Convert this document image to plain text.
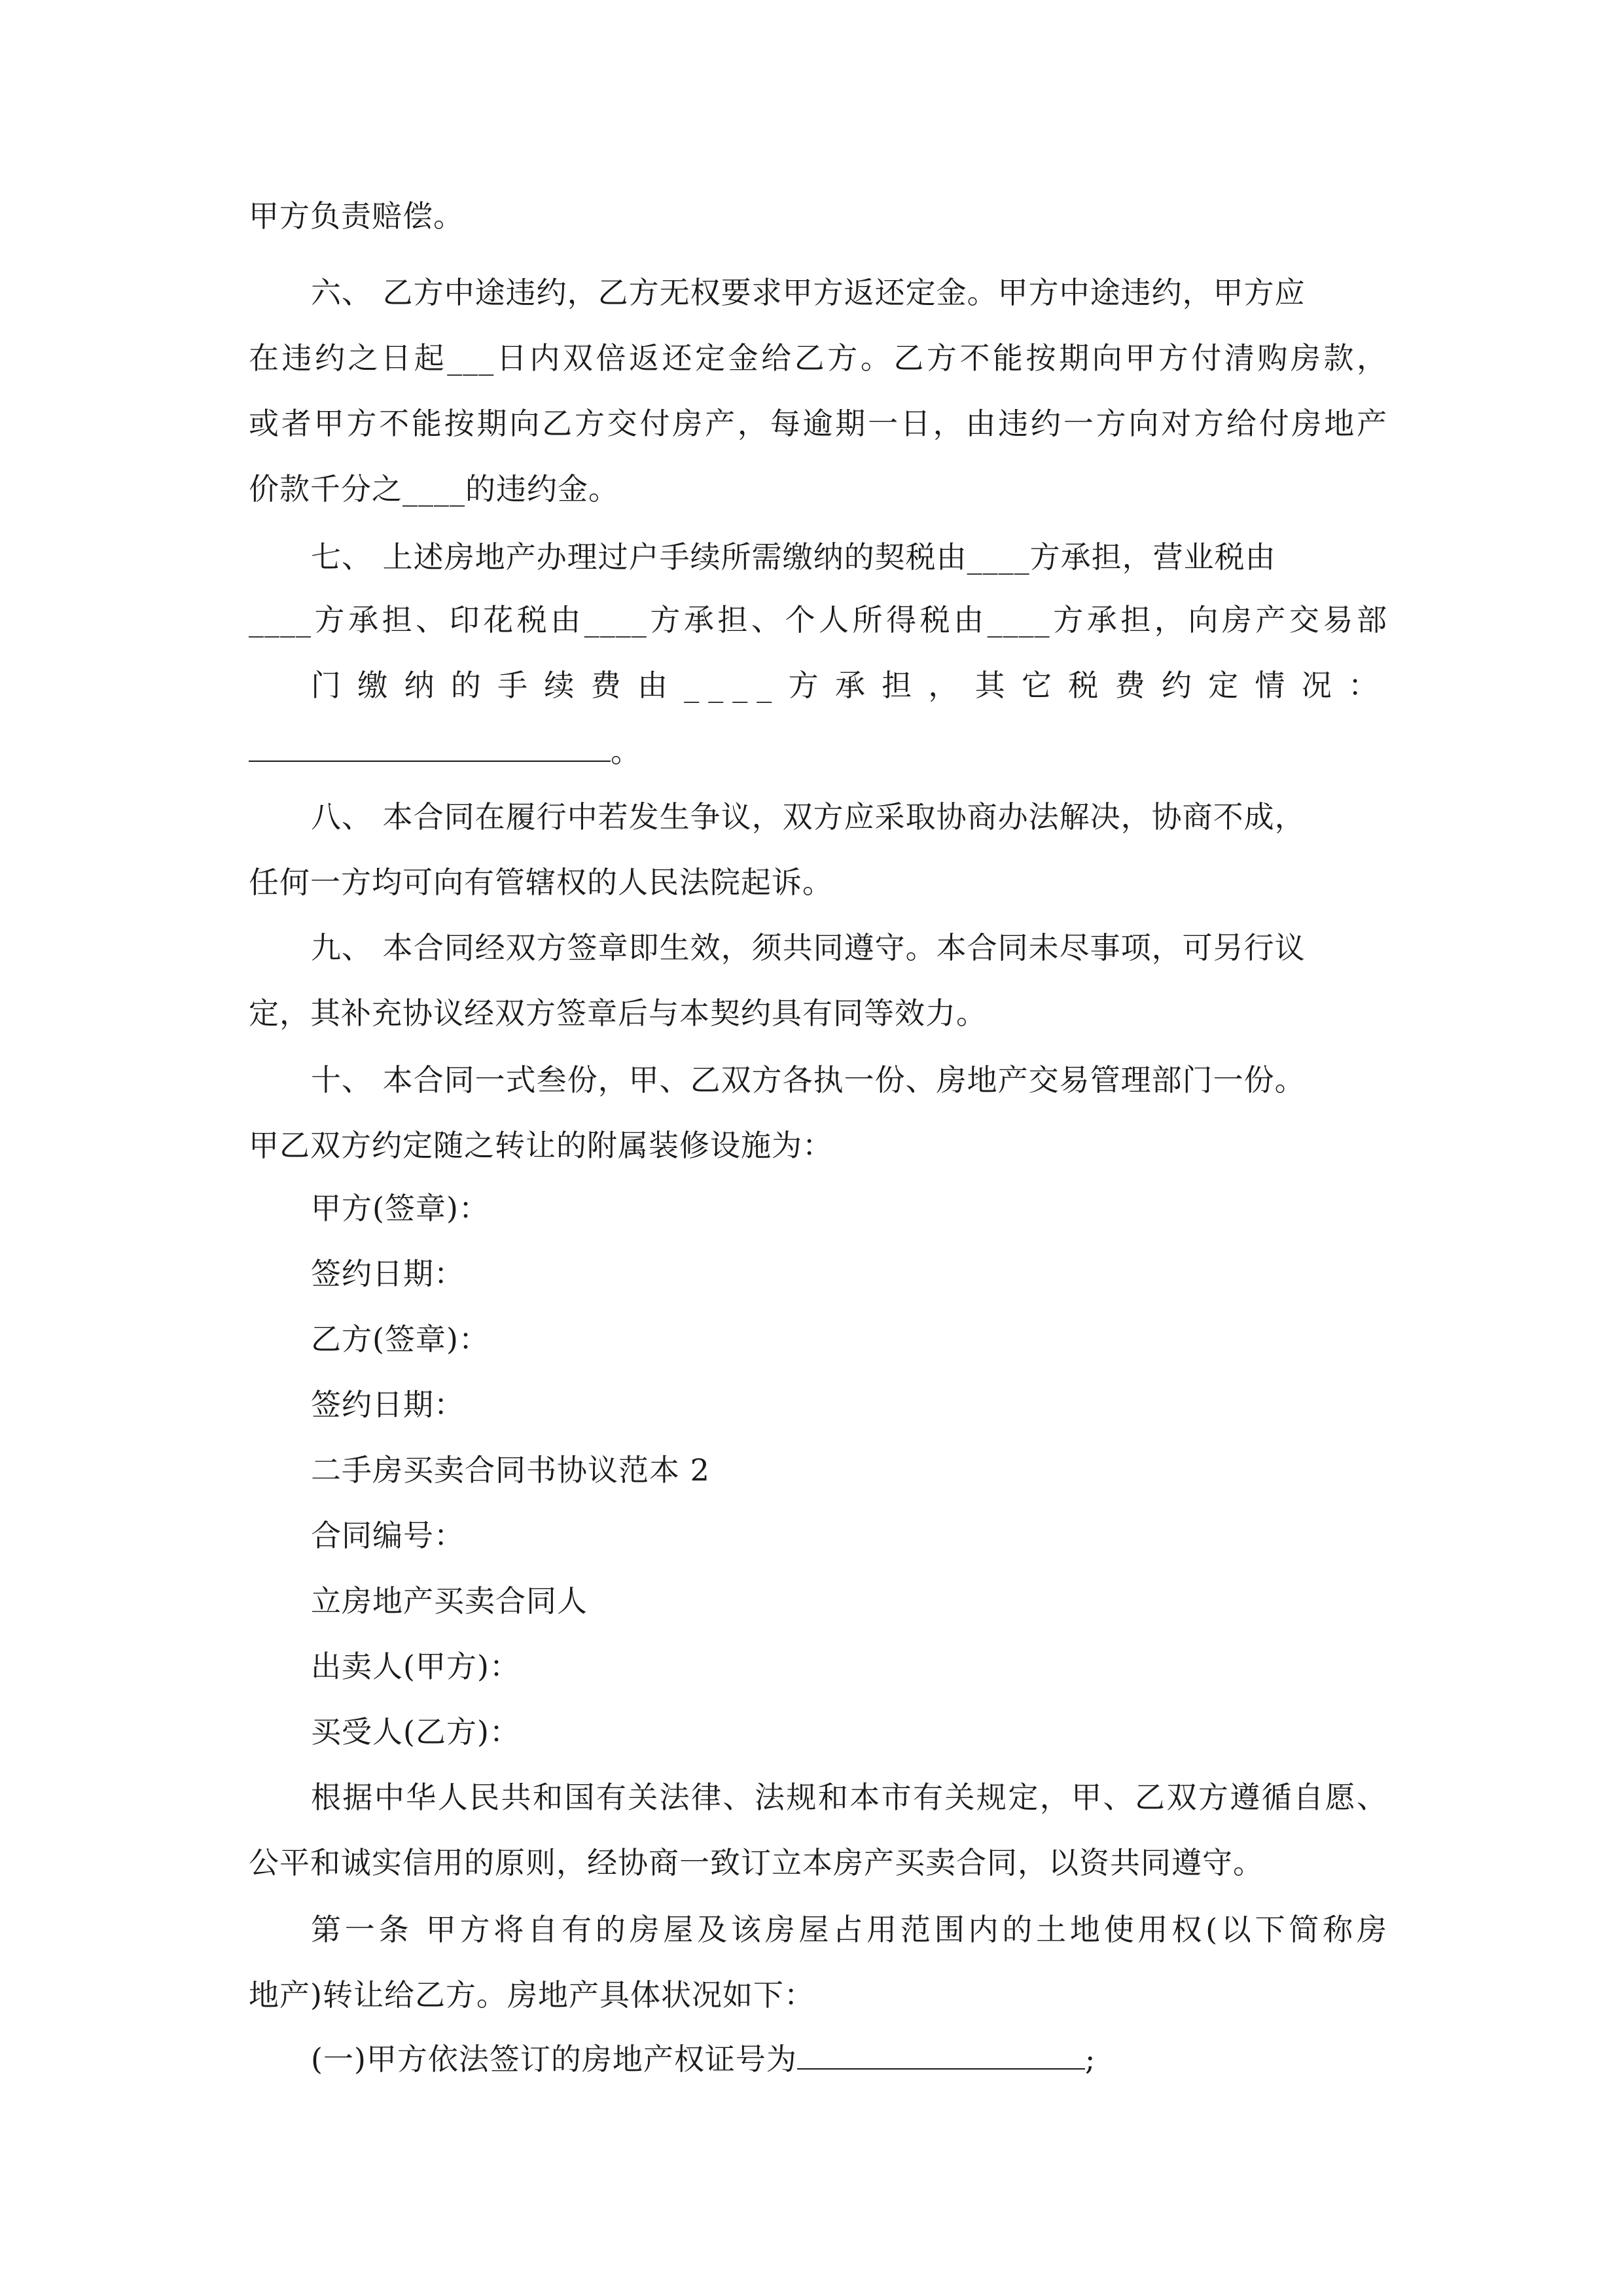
甲方负责赔偿。
六、 乙方中途违约，乙方无权要求甲方返还定金。甲方中途违约，甲方应
在违约之日起___日内双倍返还定金给乙方。乙方不能按期向甲方付清购房款，
或者甲方不能按期向乙方交付房产，每逾期一日，由违约一方向对方给付房地产
价款千分之____的违约金。
七、 上述房地产办理过户手续所需缴纳的契税由____方承担，营业税由
____方承担、印花税由____方承担、个人所得税由____方承担，向房产交易部
门缴纳的手续费由____方承担，其它税费约定情况：
。
八、 本合同在履行中若发生争议，双方应采取协商办法解决，协商不成，
任何一方均可向有管辖权的人民法院起诉。
九、 本合同经双方签章即生效，须共同遵守。本合同未尽事项，可另行议
定，其补充协议经双方签章后与本契约具有同等效力。
十、 本合同一式叁份，甲、乙双方各执一份、房地产交易管理部门一份。
甲乙双方约定随之转让的附属装修设施为：
甲方(签章)：
签约日期：
乙方(签章)：
签约日期：
二手房买卖合同书协议范本 2
合同编号：
立房地产买卖合同人
出卖人(甲方)：
买受人(乙方)：
根据中华人民共和国有关法律、法规和本市有关规定，甲、乙双方遵循自愿、
公平和诚实信用的原则，经协商一致订立本房产买卖合同，以资共同遵守。
第一条 甲方将自有的房屋及该房屋占用范围内的土地使用权(以下简称房
地产)转让给乙方。房地产具体状况如下：
(一)甲方依法签订的房地产权证号为	;
